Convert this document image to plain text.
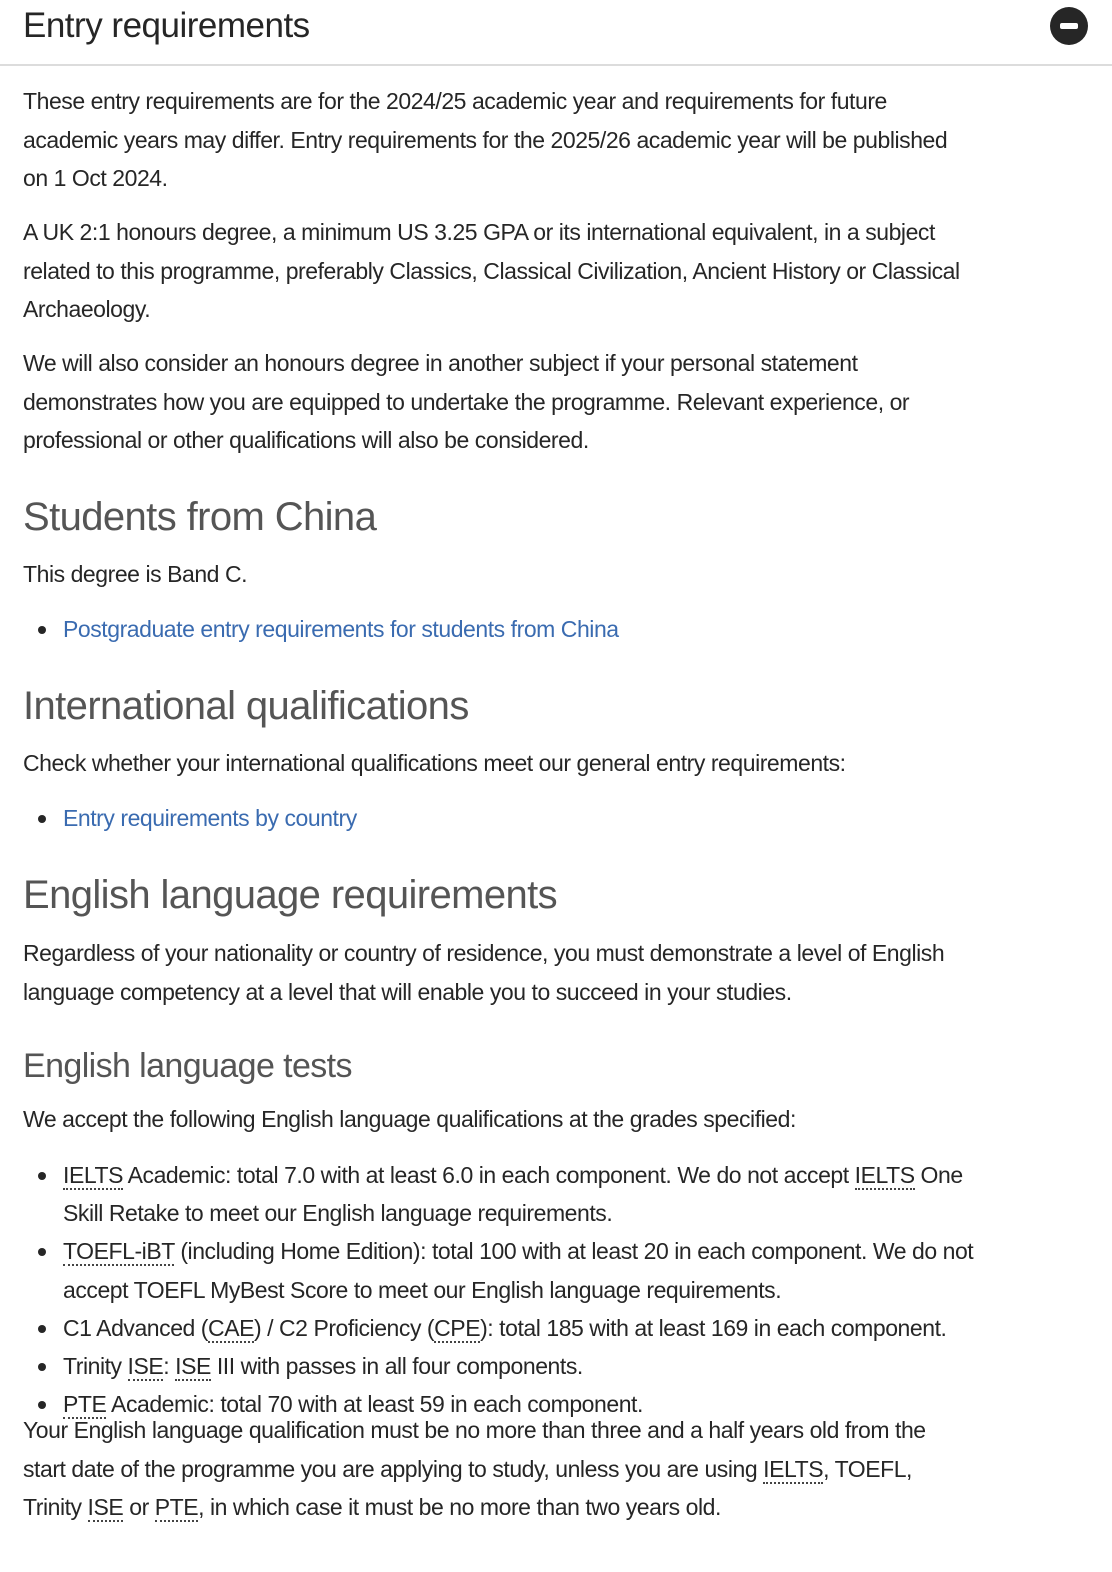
Entry requirements

These entry requirements are for the 2024/25 academic year and requirements for future
academic years may differ. Entry requirements for the 2025/26 academic year will be published
on 1 Oct 2024.

A UK 2:1 honours degree, a minimum US 3.25 GPA or its international equivalent, in a subject
related to this programme, preferably Classics, Classical Civilization, Ancient History or Classical
Archaeology.

We will also consider an honours degree in another subject if your personal statement
demonstrates how you are equipped to undertake the programme. Relevant experience, or
professional or other qualifications will also be considered.

Students from China

This degree is Band C.

Postgraduate entry requirements for students from China
International qualifications

Check whether your international qualifications meet our general entry requirements:

Entry requirements by country
English language requirements

Regardless of your nationality or country of residence, you must demonstrate a level of English
language competency at a level that will enable you to succeed in your studies.

English language tests

We accept the following English language qualifications at the grades specified:

IELTS Academic: total 7.0 with at least 6.0 in each component. We do not accept IELTS One
Skill Retake to meet our English language requirements.
TOEFL-iBT (including Home Edition): total 100 with at least 20 in each component. We do not
accept TOEFL MyBest Score to meet our English language requirements.
C1 Advanced (CAE) / C2 Proficiency (CPE): total 185 with at least 169 in each component.
Trinity ISE: ISE III with passes in all four components.
PTE Academic: total 70 with at least 59 in each component.

Your English language qualification must be no more than three and a half years old from the
start date of the programme you are applying to study, unless you are using IELTS, TOEFL,
Trinity ISE or PTE, in which case it must be no more than two years old.
